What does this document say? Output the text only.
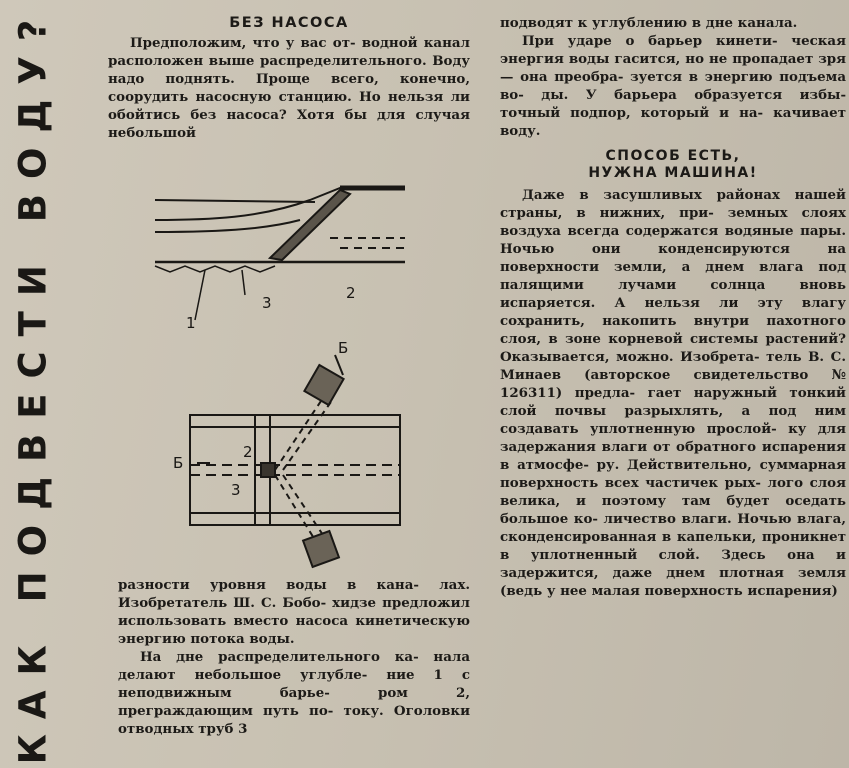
КАК ПОДВЕСТИ ВОДУ?	БЕЗ НАСОСА

Предположим, что у вас от- водной канал расположен выше распределительного. Воду надо поднять. Проще всего, конечно, соорудить насосную станцию. Но нельзя ли обойтись без насоса? Хотя бы для случая небольшой

1
2
3
Б
Б
2
3

разности уровня воды в кана- лах. Изобретатель Ш. С. Бобо- хидзе предложил использовать вместо насоса кинетическую энергию потока воды.

На дне распределительного ка- нала делают небольшое углубле- ние 1 с неподвижным барье- ром 2, преграждающим путь по- току. Оголовки отводных труб 3

подводят к углублению в дне канала.

При ударе о барьер кинети- ческая энергия воды гасится, но не пропадает зря — она преобра- зуется в энергию подъема во- ды. У барьера образуется избы- точный подпор, который и на- качивает воду.

СПОСОБ ЕСТЬ,
НУЖНА МАШИНА!

Даже в засушливых районах нашей страны, в нижних, при- земных слоях воздуха всегда содержатся водяные пары. Ночью они конденсируются на поверхности земли, а днем влага под палящими лучами солнца вновь испаряется. А нельзя ли эту влагу сохранить, накопить внутри пахотного слоя, в зоне корневой системы растений? Оказывается, можно. Изобрета- тель В. С. Минаев (авторское свидетельство № 126311) предла- гает наружный тонкий слой почвы разрыхлять, а под ним создавать уплотненную прослой- ку для задержания влаги от обратного испарения в атмосфе- ру. Действительно, суммарная поверхность всех частичек рых- лого слоя велика, и поэтому там будет оседать большое ко- личество влаги. Ночью влага, сконденсированная в капельки, проникнет в уплотненный слой. Здесь она и задержится, даже днем плотная земля (ведь у нее малая поверхность испарения)
